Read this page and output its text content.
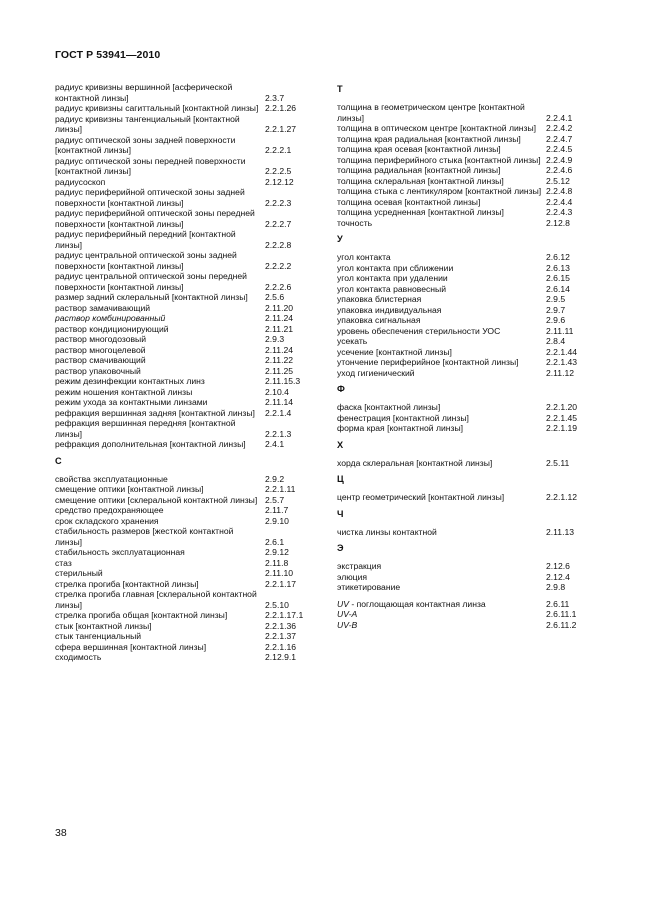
ГОСТ Р 53941—2010
радиус кривизны вершинной [асферической контактной линзы]	2.3.7
радиус кривизны сагиттальный [контактной линзы] 2.2.1.26
радиус кривизны тангенциальный [контактной линзы]	2.2.1.27
радиус оптической зоны задней поверхности [контактной линзы]	2.2.2.1
радиус оптической зоны передней поверхности [контактной линзы]	2.2.2.5
радиусоскоп	2.12.12
радиус периферийной оптической зоны задней поверхности [контактной линзы]	2.2.2.3
радиус периферийной оптической зоны передней поверхности [контактной линзы]	2.2.2.7
радиус периферийный передний [контактной линзы]	2.2.2.8
радиус центральной оптической зоны задней поверхности [контактной линзы]	2.2.2.2
радиус центральной оптической зоны передней поверхности [контактной линзы]	2.2.2.6
размер задний склеральный [контактной линзы]	2.5.6
раствор замачивающий	2.11.20
раствор комбинированный	2.11.24
раствор кондиционирующий	2.11.21
раствор многодозовый	2.9.3
раствор многоцелевой	2.11.24
раствор смачивающий	2.11.22
раствор упаковочный	2.11.25
режим дезинфекции контактных линз	2.11.15.3
режим ношения контактной линзы	2.10.4
режим ухода за контактными линзами	2.11.14
рефракция вершинная задняя [контактной линзы]	2.2.1.4
рефракция вершинная передняя [контактной линзы]	2.2.1.3
рефракция дополнительная [контактной линзы]	2.4.1
С
свойства эксплуатационные	2.9.2
смещение оптики [контактной линзы]	2.2.1.11
смещение оптики [склеральной контактной линзы] 2.5.7
средство предохраняющее	2.11.7
срок складского хранения	2.9.10
стабильность размеров [жесткой контактной линзы]	2.6.1
стабильность эксплуатационная	2.9.12
стаз	2.11.8
стерильный	2.11.10
стрелка прогиба [контактной линзы]	2.2.1.17
стрелка прогиба главная [склеральной контактной линзы]	2.5.10
стрелка прогиба общая [контактной линзы]	2.2.1.17.1
стык [контактной линзы]	2.2.1.36
стык тангенциальный	2.2.1.37
сфера вершинная [контактной линзы]	2.2.1.16
сходимость	2.12.9.1
Т
толщина в геометрическом центре [контактной линзы]	2.2.4.1
толщина в оптическом центре [контактной линзы]	2.2.4.2
толщина края радиальная [контактной линзы]	2.2.4.7
толщина края осевая [контактной линзы]	2.2.4.5
толщина периферийного стыка [контактной линзы] 2.2.4.9
толщина радиальная [контактной линзы]	2.2.4.6
толщина склеральная [контактной линзы]	2.5.12
толщина стыка с лентикуляром [контактной линзы] 2.2.4.8
толщина осевая [контактной линзы]	2.2.4.4
толщина усредненная [контактной линзы]	2.2.4.3
точность	2.12.8
У
угол контакта	2.6.12
угол контакта при сближении	2.6.13
угол контакта при удалении	2.6.15
угол контакта равновесный	2.6.14
упаковка блистерная	2.9.5
упаковка индивидуальная	2.9.7
упаковка сигнальная	2.9.6
уровень обеспечения стерильности УОС	2.11.11
усекать	2.8.4
усечение [контактной линзы]	2.2.1.44
утончение периферийное [контактной линзы]	2.2.1.43
уход гигиенический	2.11.12
Ф
фаска [контактной линзы]	2.2.1.20
фенестрация [контактной линзы]	2.2.1.45
форма края [контактной линзы]	2.2.1.19
Х
хорда склеральная [контактной линзы]	2.5.11
Ц
центр геометрический [контактной линзы]	2.2.1.12
Ч
чистка линзы контактной	2.11.13
Э
экстракция	2.12.6
элюция	2.12.4
этикетирование	2.9.8
UV - поглощающая контактная линза	2.6.11
UV-A	2.6.11.1
UV-B	2.6.11.2
38
